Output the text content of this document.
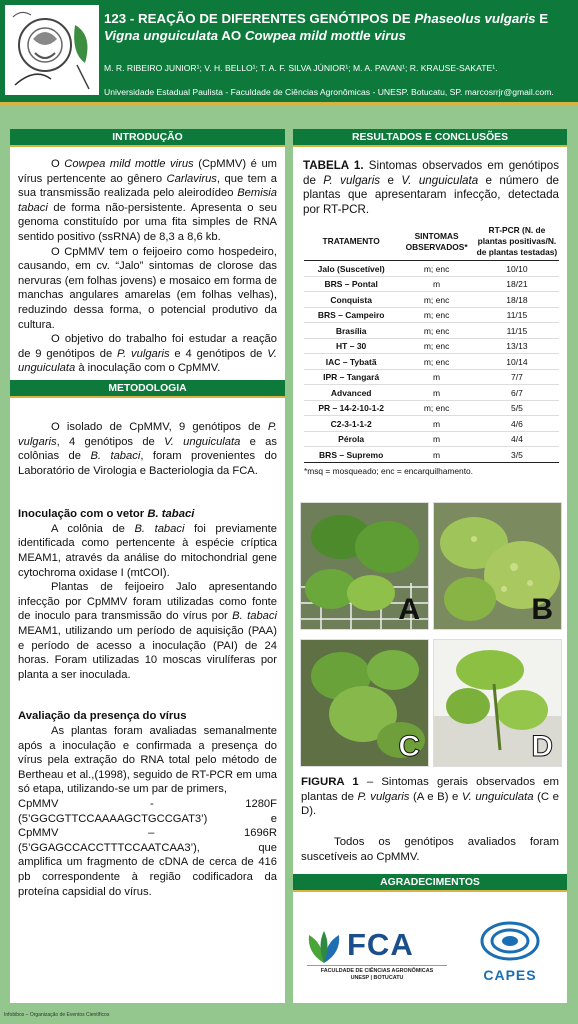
123 - REAÇÃO DE DIFERENTES GENÓTIPOS DE Phaseolus vulgaris E Vigna unguiculata AO Cowpea mild mottle virus
M. R. RIBEIRO JUNIOR¹; V. H. BELLO¹; T. A. F. SILVA JÚNIOR¹; M. A. PAVAN¹; R. KRAUSE-SAKATE¹.
Universidade Estadual Paulista - Faculdade de Ciências Agronômicas - UNESP. Botucatu, SP. marcosrrjr@gmail.com.
INTRODUÇÃO

O Cowpea mild mottle virus (CpMMV) é um vírus pertencente ao gênero Carlavirus, que tem a sua transmissão realizada pelo aleirodídeo Bemisia tabaci de forma não-persistente. Apresenta o seu genoma constituído por uma fita simples de RNA sentido positivo (ssRNA) de 8,3 a 8,6 kb.

O CpMMV tem o feijoeiro como hospedeiro, causando, em cv. “Jalo” sintomas de clorose das nervuras (em folhas jovens) e mosaico em forma de manchas angulares amarelas (em folhas velhas), reduzindo dessa forma, o potencial produtivo da cultura.

O objetivo do trabalho foi estudar a reação de 9 genótipos de P. vulgaris e 4 genótipos de V. unguiculata à inoculação com o CpMMV.

METODOLOGIA

O isolado de CpMMV, 9 genótipos de P. vulgaris, 4 genótipos de V. unguiculata e as colônias de B. tabaci, foram provenientes do Laboratório de Virologia e Bacteriologia da FCA.

Inoculação com o vetor B. tabaci

A colônia de B. tabaci foi previamente identificada como pertencente à espécie críptica MEAM1, através da análise do mitochondrial gene cytochroma oxidase I (mtCOI).

Plantas de feijoeiro Jalo apresentando infecção por CpMMV foram utilizadas como fonte de inoculo para transmissão do vírus por B. tabaci MEAM1, utilizando um período de aquisição (PAA) e período de acesso a inoculação (PAI) de 24 horas. Foram utilizadas 10 moscas virulíferas por planta a ser inoculada.

Avaliação da presença do vírus

As plantas foram avaliadas semanalmente após a inoculação e confirmada a presença do vírus pela extração do RNA total pelo método de Bertheau et al.,(1998), seguido de RT-PCR em uma só etapa, utilizando-se um par de primers,

CpMMV	-	1280F
(5’GGCGTTCCAAAAGCTGCCGAT3’)	e
CpMMV	–	1696R
(5’GGAGCCACCTTTCCAATCAA3’),	que

amplifica um fragmento de cDNA de cerca de 416 pb correspondente à região codificadora da proteína capsidial do vírus.

RESULTADOS E CONCLUSÕES
TABELA 1. Sintomas observados em genótipos de P. vulgaris e V. unguiculata e número de plantas que apresentaram infecção, detectada por RT-PCR.
TRATAMENTO	SINTOMAS OBSERVADOS*	RT-PCR (N. de plantas positivas/N. de plantas testadas)
Jalo (Suscetível)	m; enc	10/10
BRS – Pontal	m	18/21
Conquista	m; enc	18/18
BRS – Campeiro	m; enc	11/15
Brasília	m; enc	11/15
HT – 30	m; enc	13/13
IAC – Tybatã	m; enc	10/14
IPR – Tangará	m	7/7
Advanced	m	6/7
PR – 14-2-10-1-2	m; enc	5/5
C2-3-1-1-2	m	4/6
Pérola	m	4/4
BRS – Supremo	m	3/5
*msq = mosqueado; enc = encarquilhamento.
A	B
C	D
FIGURA 1 – Sintomas gerais observados em plantas de P. vulgaris (A e B) e V. unguiculata (C e D).

Todos os genótipos avaliados foram suscetíveis ao CpMMV.

AGRADECIMENTOS
FCA
FACULDADE DE CIÊNCIAS AGRONÔMICAS
UNESP | BOTUCATU	CAPES
Infobibos – Organização de Eventos Científicos
